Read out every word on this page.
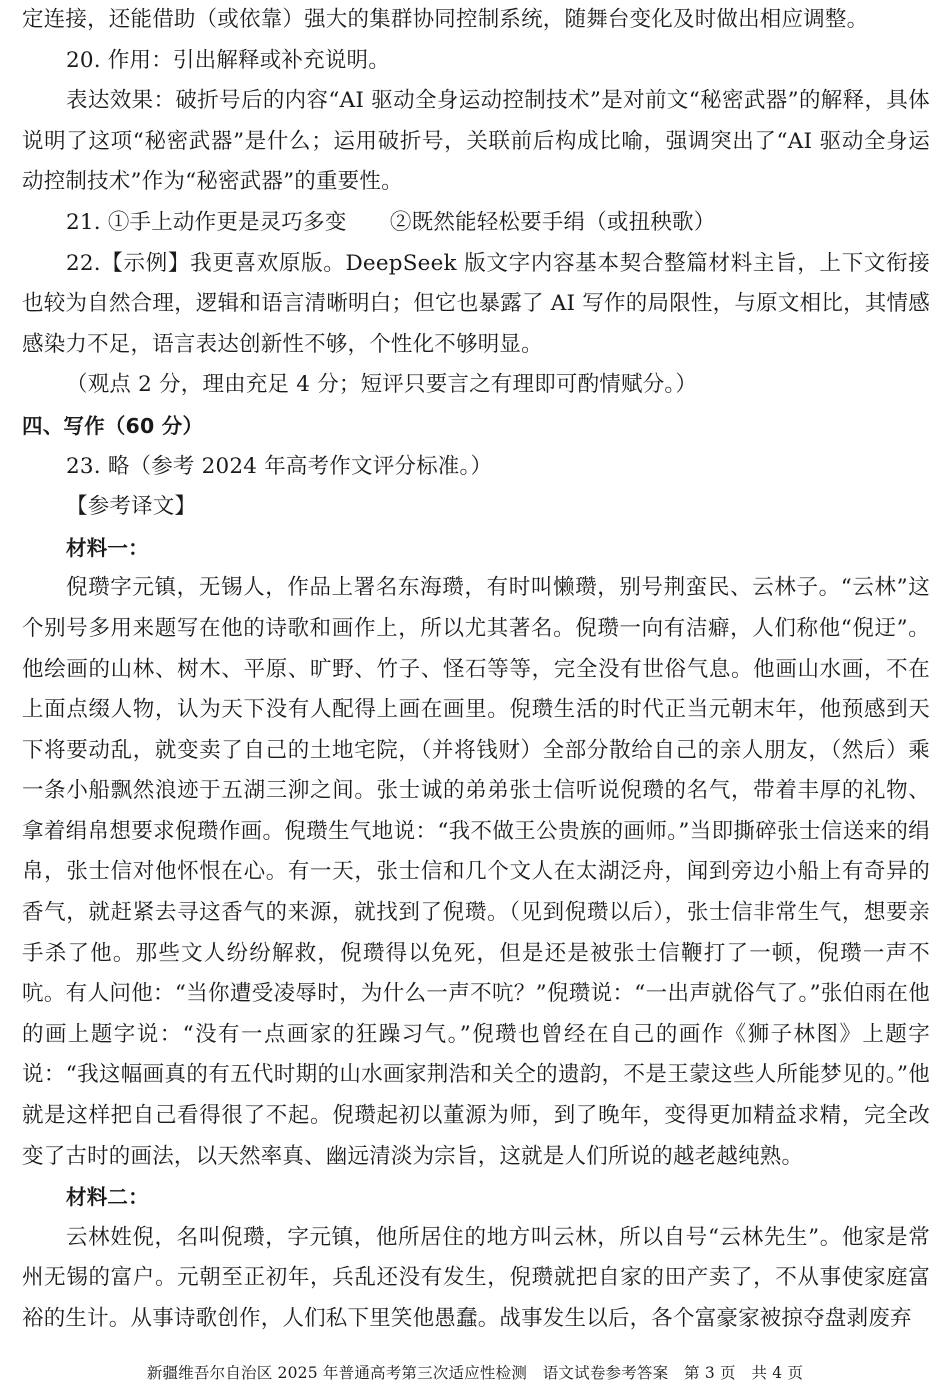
定连接，还能借助（或依靠）强大的集群协同控制系统，随舞台变化及时做出相应调整。

20. 作用：引出解释或补充说明。

表达效果：破折号后的内容“AI 驱动全身运动控制技术”是对前文“秘密武器”的解释，具体说明了这项“秘密武器”是什么；运用破折号，关联前后构成比喻，强调突出了“AI 驱动全身运动控制技术”作为“秘密武器”的重要性。

21. ①手上动作更是灵巧多变　　②既然能轻松要手绢（或扭秧歌）

22.【示例】我更喜欢原版。DeepSeek 版文字内容基本契合整篇材料主旨，上下文衔接也较为自然合理，逻辑和语言清晰明白；但它也暴露了 AI 写作的局限性，与原文相比，其情感感染力不足，语言表达创新性不够，个性化不够明显。

（观点 2 分，理由充足 4 分；短评只要言之有理即可酌情赋分。）

四、写作（60 分）

23. 略（参考 2024 年高考作文评分标准。）

【参考译文】

材料一：

倪瓒字元镇，无锡人，作品上署名东海瓒，有时叫懒瓒，别号荆蛮民、云林子。“云林”这个别号多用来题写在他的诗歌和画作上，所以尤其著名。倪瓒一向有洁癖，人们称他“倪迂”。他绘画的山林、树木、平原、旷野、竹子、怪石等等，完全没有世俗气息。他画山水画，不在上面点缀人物，认为天下没有人配得上画在画里。倪瓒生活的时代正当元朝末年，他预感到天下将要动乱，就变卖了自己的土地宅院，（并将钱财）全部分散给自己的亲人朋友，（然后）乘一条小船飘然浪迹于五湖三泖之间。张士诚的弟弟张士信听说倪瓒的名气，带着丰厚的礼物、拿着绢帛想要求倪瓒作画。倪瓒生气地说：“我不做王公贵族的画师。”当即撕碎张士信送来的绢帛，张士信对他怀恨在心。有一天，张士信和几个文人在太湖泛舟，闻到旁边小船上有奇异的香气，就赶紧去寻这香气的来源，就找到了倪瓒。（见到倪瓒以后），张士信非常生气，想要亲手杀了他。那些文人纷纷解救，倪瓒得以免死，但是还是被张士信鞭打了一顿，倪瓒一声不吭。有人问他：“当你遭受凌辱时，为什么一声不吭？”倪瓒说：“一出声就俗气了。”张伯雨在他的画上题字说：“没有一点画家的狂躁习气。”倪瓒也曾经在自己的画作《狮子林图》上题字说：“我这幅画真的有五代时期的山水画家荆浩和关仝的遗韵，不是王蒙这些人所能梦见的。”他就是这样把自己看得很了不起。倪瓒起初以董源为师，到了晚年，变得更加精益求精，完全改变了古时的画法，以天然率真、幽远清淡为宗旨，这就是人们所说的越老越纯熟。

材料二：

云林姓倪，名叫倪瓒，字元镇，他所居住的地方叫云林，所以自号“云林先生”。他家是常州无锡的富户。元朝至正初年，兵乱还没有发生，倪瓒就把自家的田产卖了，不从事使家庭富裕的生计。从事诗歌创作，人们私下里笑他愚蠢。战事发生以后，各个富豪家被掠夺盘剥废弃

新疆维吾尔自治区 2025 年普通高考第三次适应性检测　语文试卷参考答案　第 3 页　共 4 页
